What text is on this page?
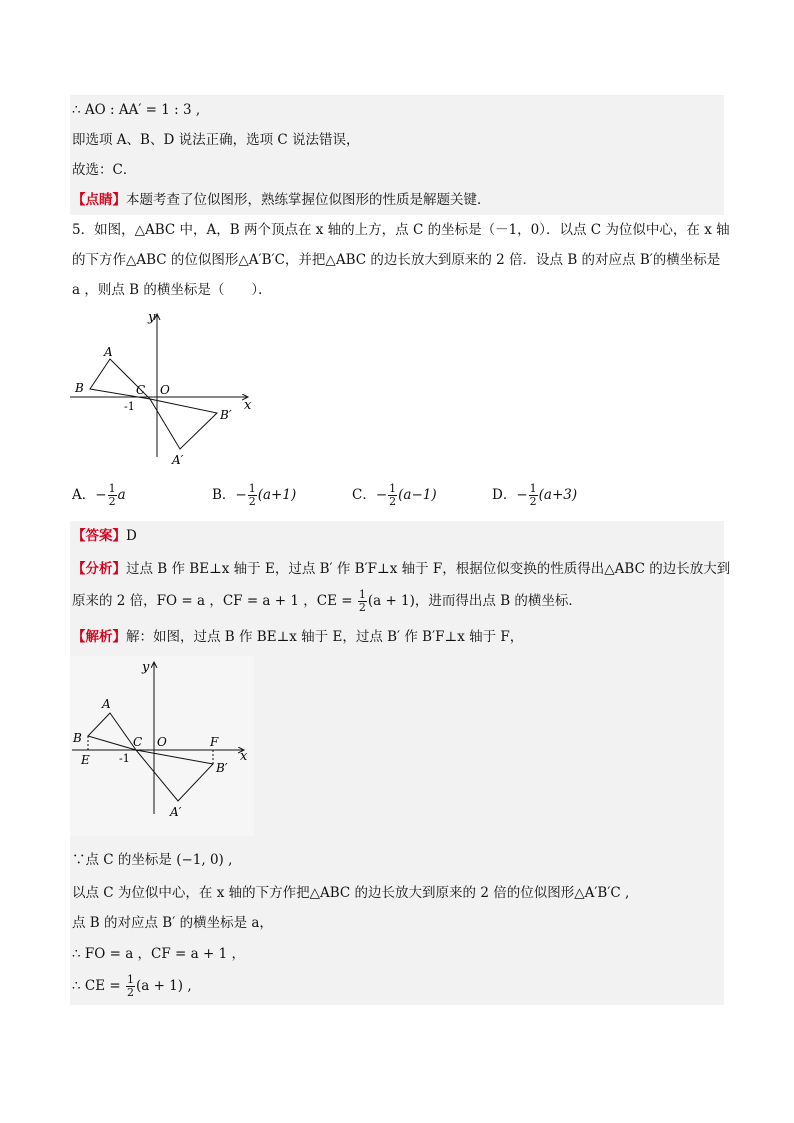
∴ AO : AA′ = 1 : 3 ,
即选项 A、B、D 说法正确，选项 C 说法错误，
故选：C．
【点睛】本题考查了位似图形，熟练掌握位似图形的性质是解题关键．
5．如图，△ABC 中，A，B 两个顶点在 x 轴的上方，点 C 的坐标是（－1，0）．以点 C 为位似中心，在 x 轴
的下方作△ABC 的位似图形△A′B′C，并把△ABC 的边长放大到原来的 2 倍．设点 B 的对应点 B′的横坐标是
a ，则点 B 的横坐标是（　　）．
y
x
A
B	C O
-1
B′
A′
A．− $\frac{1}{2}$ a	B．− $\frac{1}{2} (a+1)$	C．− $\frac{1}{2} (a-1)$	D．− $\frac{1}{2} (a+3)$
【答案】D
【分析】过点 B 作 BE⊥x 轴于 E，过点 B′ 作 B′F⊥x 轴于 F，根据位似变换的性质得出△ABC 的边长放大到
原来的 2 倍，FO = a ，CF = a + 1 ，CE = $\frac{1}{2} (a + 1)$，进而得出点 B 的横坐标．
【解析】解：如图，过点 B 作 BE⊥x 轴于 E，过点 B′ 作 B′F⊥x 轴于 F，
y
x
A
B	C O	F
E	-1
B′
A′
∵点 C 的坐标是 (−1, 0) ,
以点 C 为位似中心，在 x 轴的下方作把△ABC 的边长放大到原来的 2 倍的位似图形△A′B′C ,
点 B 的对应点 B′ 的横坐标是 a，
∴ FO = a ，CF = a + 1 ，
∴ CE = $\frac{1}{2} (a + 1)$ ,
